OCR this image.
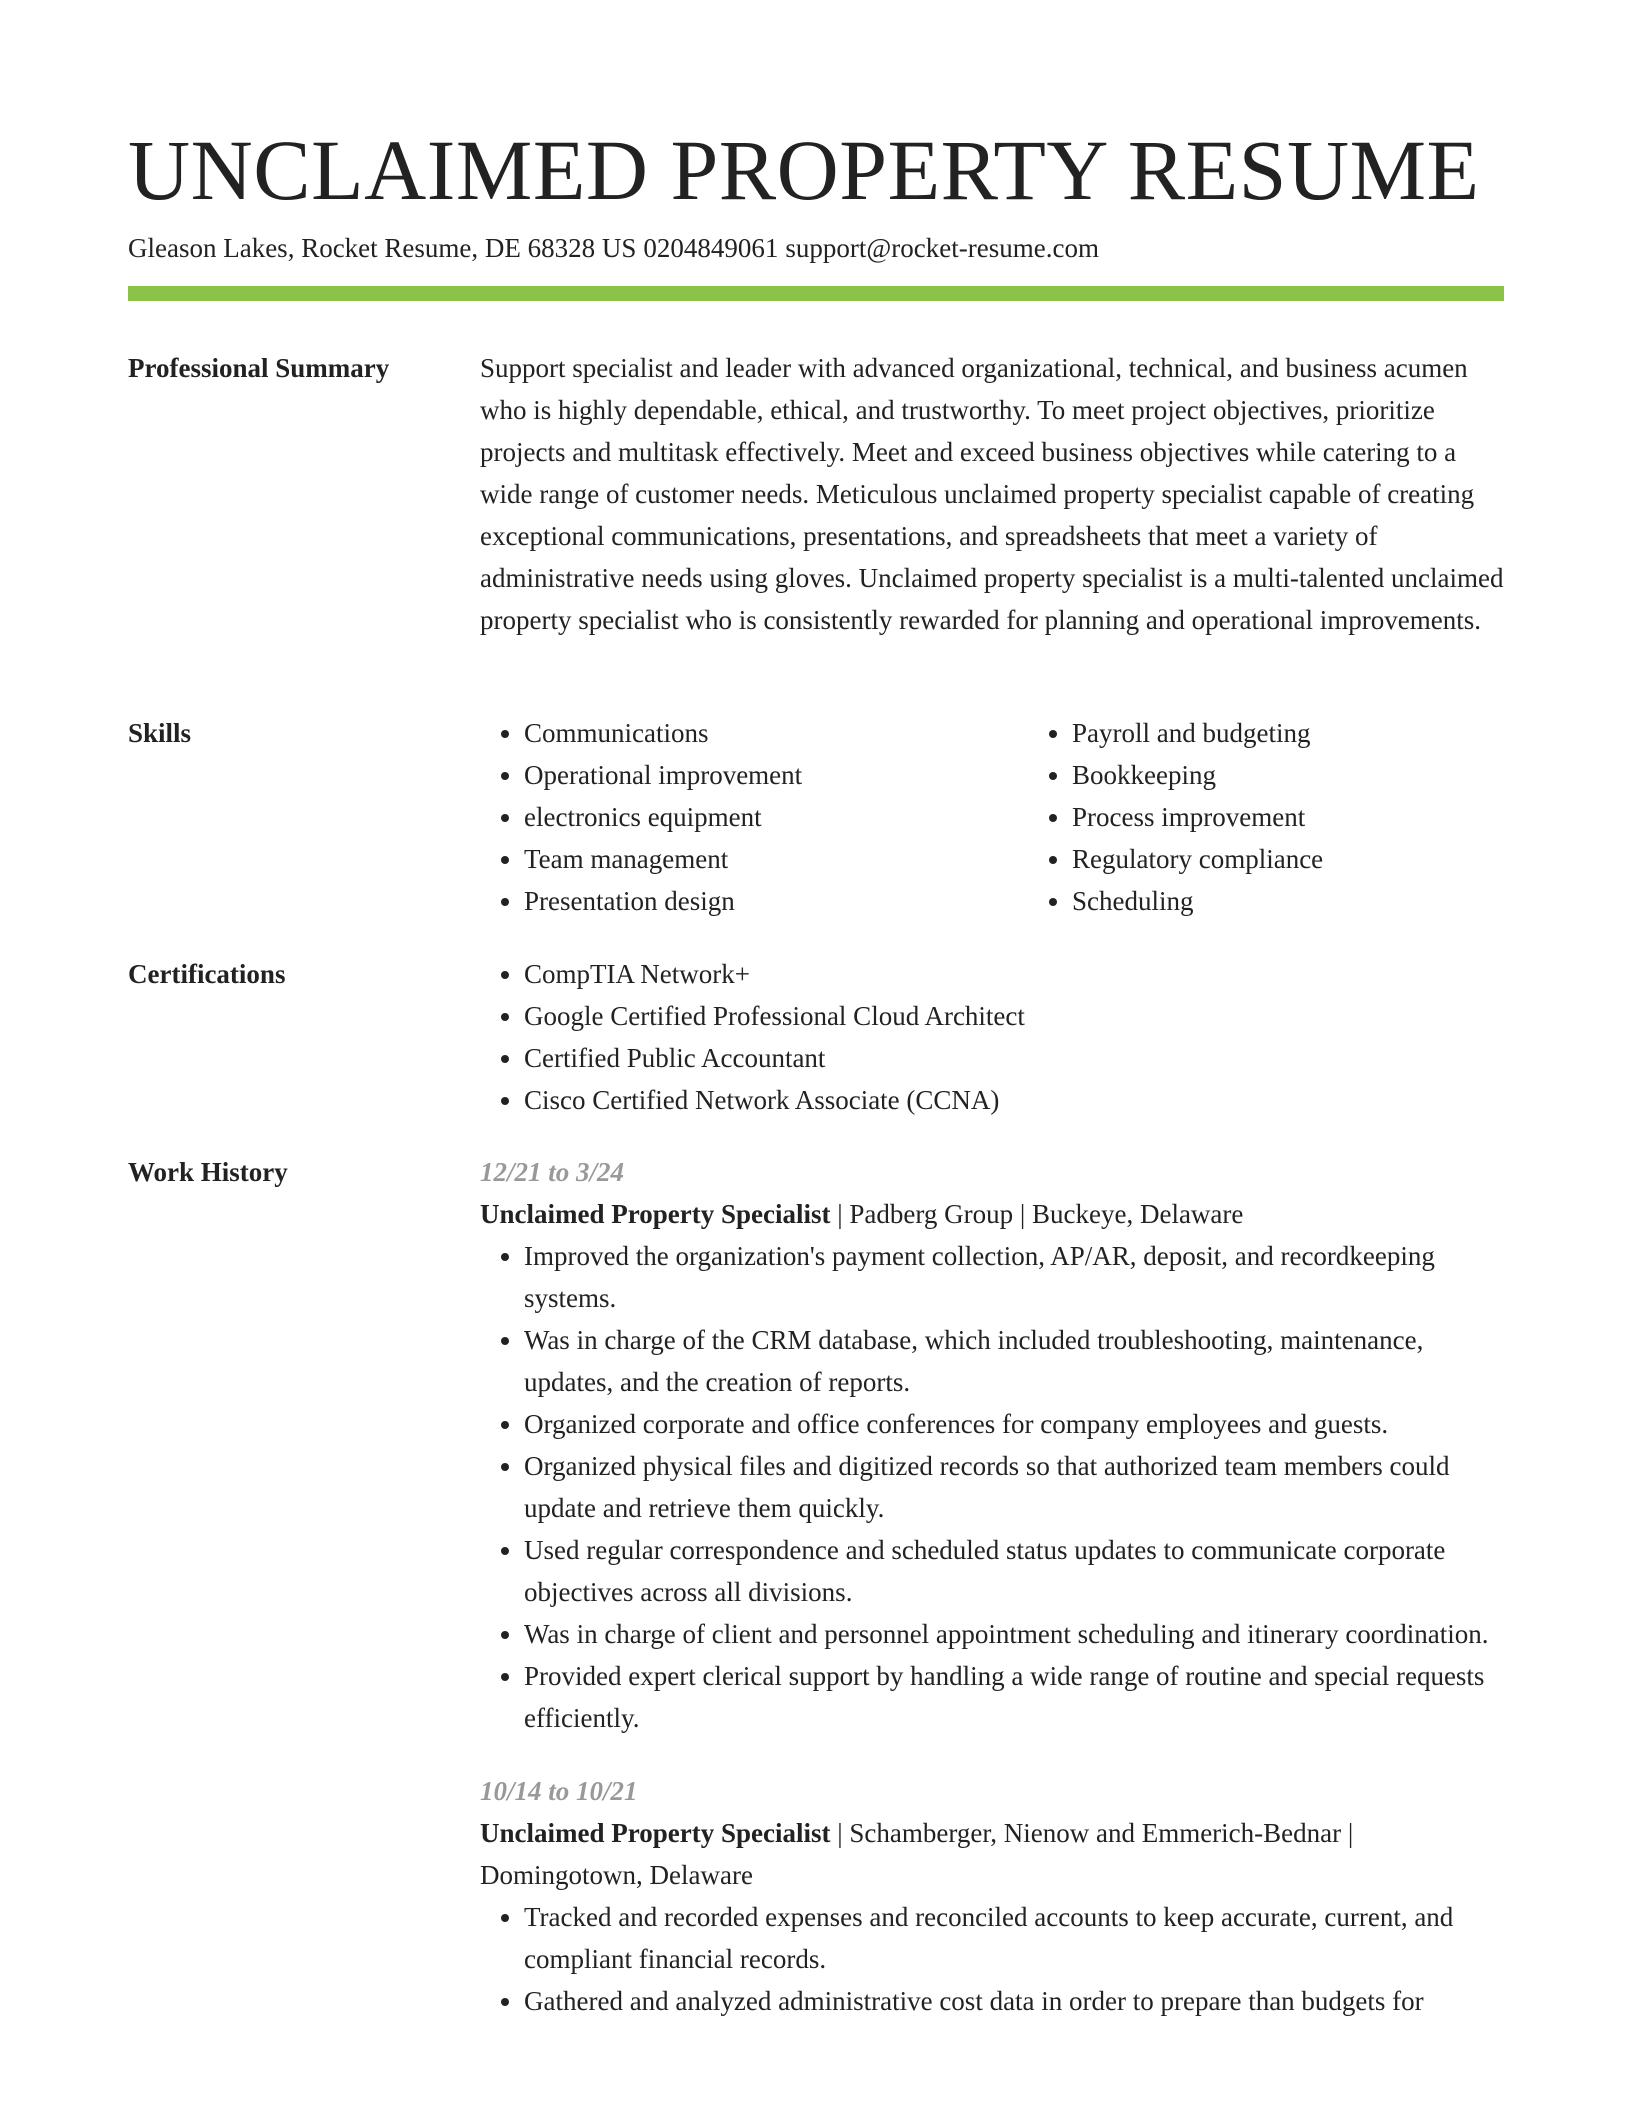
UNCLAIMED PROPERTY RESUME
Gleason Lakes, Rocket Resume, DE 68328 US 0204849061 support@rocket-resume.com
Professional Summary	Support specialist and leader with advanced organizational, technical, and business acumen who is highly dependable, ethical, and trustworthy. To meet project objectives, prioritize projects and multitask effectively. Meet and exceed business objectives while catering to a wide range of customer needs. Meticulous unclaimed property specialist capable of creating exceptional communications, presentations, and spreadsheets that meet a variety of administrative needs using gloves. Unclaimed property specialist is a multi-talented unclaimed property specialist who is consistently rewarded for planning and operational improvements.

Skills	• Communications
• Operational improvement
• electronics equipment
• Team management
• Presentation design
• Payroll and budgeting
• Bookkeeping
• Process improvement
• Regulatory compliance
• Scheduling
Certifications	• CompTIA Network+
• Google Certified Professional Cloud Architect
• Certified Public Accountant
• Cisco Certified Network Associate (CCNA)
Work History	12/21 to 3/24
Unclaimed Property Specialist | Padberg Group | Buckeye, Delaware
• Improved the organization's payment collection, AP/AR, deposit, and recordkeeping systems.
• Was in charge of the CRM database, which included troubleshooting, maintenance, updates, and the creation of reports.
• Organized corporate and office conferences for company employees and guests.
• Organized physical files and digitized records so that authorized team members could update and retrieve them quickly.
• Used regular correspondence and scheduled status updates to communicate corporate objectives across all divisions.
• Was in charge of client and personnel appointment scheduling and itinerary coordination.
• Provided expert clerical support by handling a wide range of routine and special requests efficiently.
10/14 to 10/21
Unclaimed Property Specialist | Schamberger, Nienow and Emmerich-Bednar | Domingotown, Delaware
• Tracked and recorded expenses and reconciled accounts to keep accurate, current, and compliant financial records.
• Gathered and analyzed administrative cost data in order to prepare than budgets for
